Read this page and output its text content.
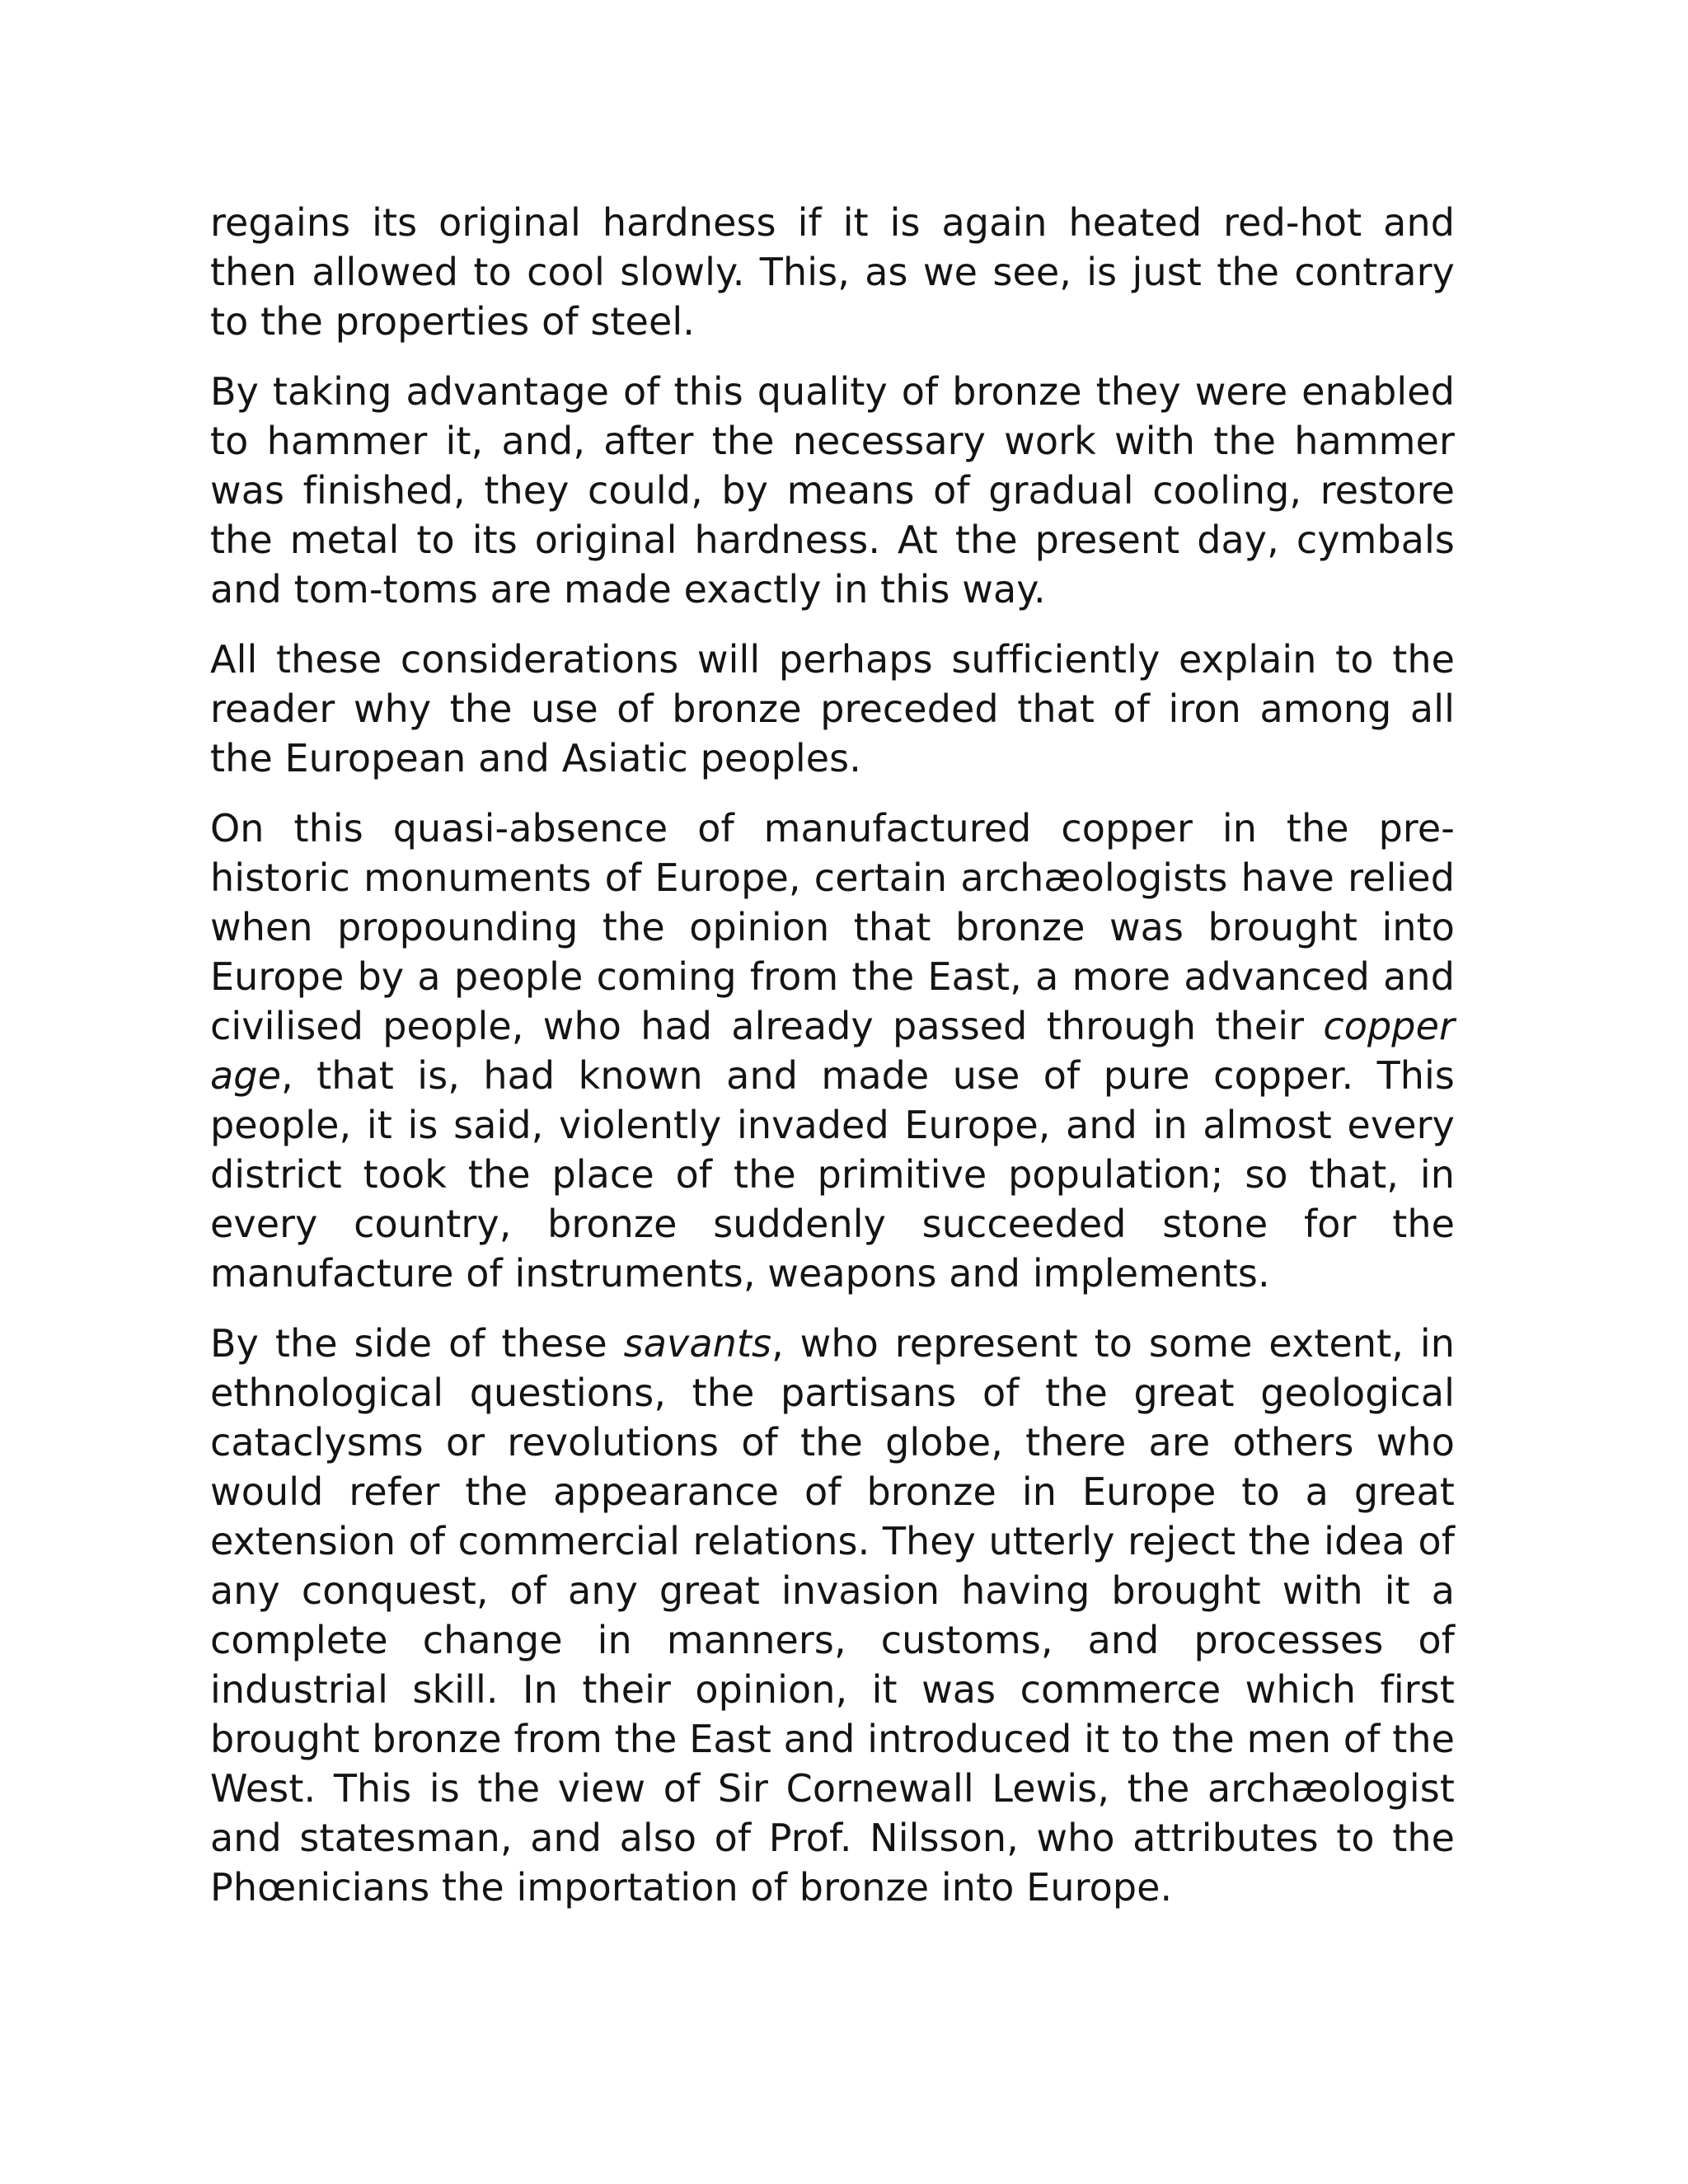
regains its original hardness if it is again heated red-hot and then allowed to cool slowly. This, as we see, is just the contrary to the properties of steel.

By taking advantage of this quality of bronze they were enabled to hammer it, and, after the necessary work with the hammer was finished, they could, by means of gradual cooling, restore the metal to its original hardness. At the present day, cymbals and tom-toms are made exactly in this way.

All these considerations will perhaps sufficiently explain to the reader why the use of bronze preceded that of iron among all the European and Asiatic peoples.

On this quasi-absence of manufactured copper in the pre-historic monuments of Europe, certain archæologists have relied when propounding the opinion that bronze was brought into Europe by a people coming from the East, a more advanced and civilised people, who had already passed through their copper age, that is, had known and made use of pure copper. This people, it is said, violently invaded Europe, and in almost every district took the place of the primitive population; so that, in every country, bronze suddenly succeeded stone for the manufacture of instruments, weapons and implements.

By the side of these savants, who represent to some extent, in ethnological questions, the partisans of the great geological cataclysms or revolutions of the globe, there are others who would refer the appearance of bronze in Europe to a great extension of commercial relations. They utterly reject the idea of any conquest, of any great invasion having brought with it a complete change in manners, customs, and processes of industrial skill. In their opinion, it was commerce which first brought bronze from the East and introduced it to the men of the West. This is the view of Sir Cornewall Lewis, the archæologist and statesman, and also of Prof. Nilsson, who attributes to the Phœnicians the importation of bronze into Europe.
